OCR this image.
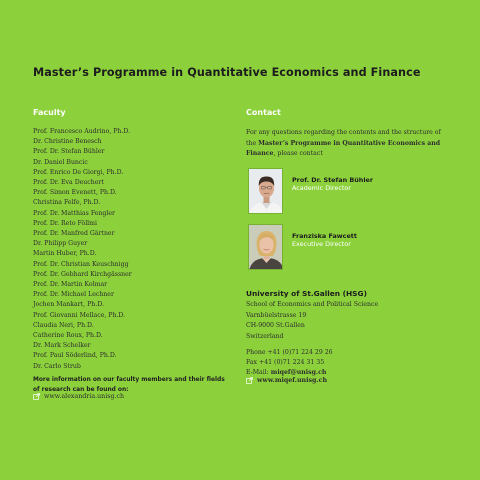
Master’s Programme in Quantitative Economics and Finance
Faculty
Prof. Francesco Audrino, Ph.D.
Dr. Christine Benesch
Prof. Dr. Stefan Bühler
Dr. Daniel Buncic
Prof. Enrico De Giorgi, Ph.D.
Prof. Dr. Eva Deuchert
Prof. Simon Evenett, Ph.D.
Christina Felfe, Ph.D.
Prof. Dr. Matthias Fengler
Prof. Dr. Reto Föllmi
Prof. Dr. Manfred Gärtner
Dr. Philipp Guyer
Martin Huber, Ph.D.
Prof. Dr. Christian Keuschnigg
Prof. Dr. Gebhard Kirchgässner
Prof. Dr. Martin Kolmar
Prof. Dr. Michael Lechner
Jochen Mankart, Ph.D.
Prof. Giovanni Mellace, Ph.D.
Claudia Neri, Ph.D.
Catherine Roux, Ph.D.
Dr. Mark Schelker
Prof. Paul Söderlind, Ph.D.
Dr. Carlo Strub

More information on our faculty members and their fields of research can be found on:

www.alexandria.unisg.ch
Contact

For any questions regarding the contents and the structure of the Master’s Programme in Quantitative Economics and Finance, please contact

Prof. Dr. Stefan Bühler
Academic Director
Franziska Fawcett
Executive Director
University of St.Gallen (HSG)
School of Economics and Political Science
Varnbüelstrasse 19
CH-9000 St.Gallen
Switzerland
Phone +41 (0)71 224 29 26
Fax +41 (0)71 224 31 35
E-Mail: miqef@unisg.ch
www.miqef.unisg.ch
